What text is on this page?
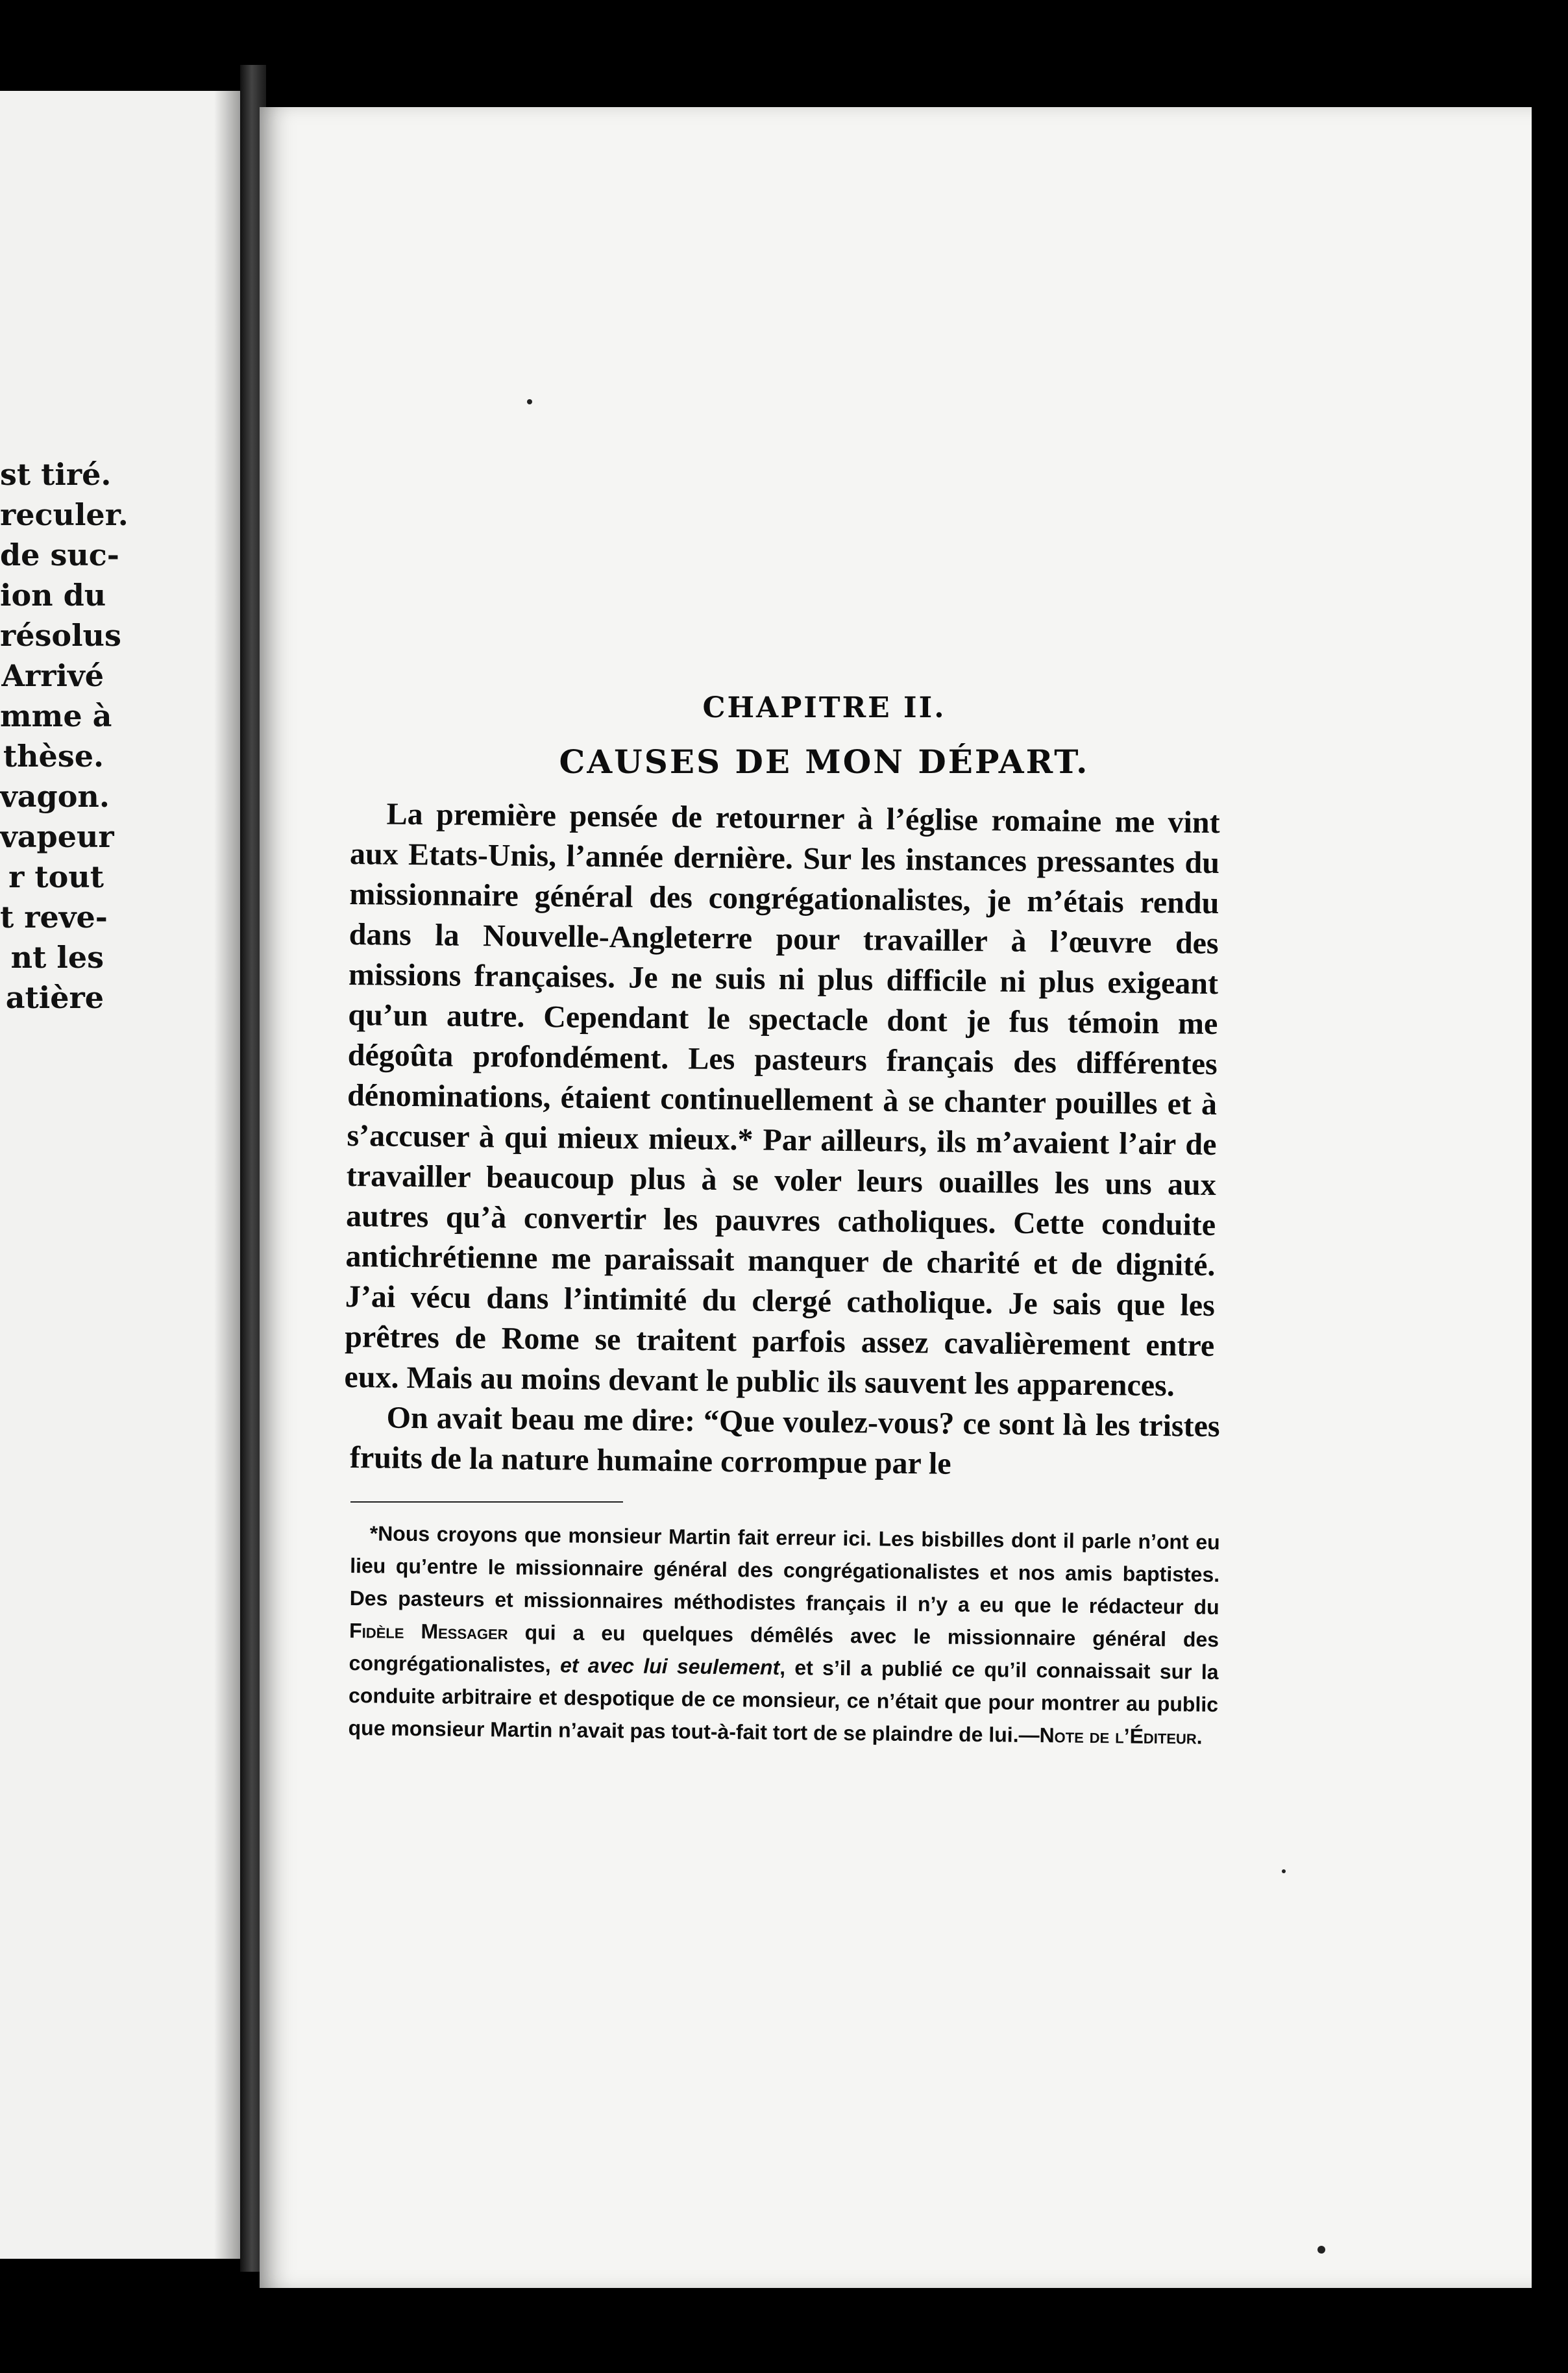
st tiré.
reculer.
de suc-
ion du
résolus
Arrivé
mme à
thèse.
vagon.
vapeur
r tout
t reve-
nt les
atière
CHAPITRE II.
CAUSES DE MON DÉPART.

La première pensée de retourner à l’église romaine me vint aux Etats-Unis, l’année dernière. Sur les instances pressantes du missionnaire général des congrégationalistes, je m’étais rendu dans la Nouvelle-Angleterre pour travailler à l’œuvre des missions françaises. Je ne suis ni plus difficile ni plus exigeant qu’un autre. Cependant le spectacle dont je fus témoin me dégoûta profondément. Les pasteurs français des différentes dénominations, étaient continuellement à se chanter pouilles et à s’accuser à qui mieux mieux.* Par ailleurs, ils m’avaient l’air de travailler beaucoup plus à se voler leurs ouailles les uns aux autres qu’à convertir les pauvres catholiques. Cette conduite antichrétienne me paraissait manquer de charité et de dignité. J’ai vécu dans l’intimité du clergé catholique. Je sais que les prêtres de Rome se traitent parfois assez cavalièrement entre eux. Mais au moins devant le public ils sauvent les apparences.

On avait beau me dire: “Que voulez-vous? ce sont là les tristes fruits de la nature humaine corrompue par le

*Nous croyons que monsieur Martin fait erreur ici. Les bisbilles dont il parle n’ont eu lieu qu’entre le missionnaire général des congrégationalistes et nos amis baptistes. Des pasteurs et missionnaires méthodistes français il n’y a eu que le rédacteur du Fidèle Messager qui a eu quelques démêlés avec le missionnaire général des congrégationalistes, et avec lui seulement, et s’il a publié ce qu’il connaissait sur la conduite arbitraire et despotique de ce monsieur, ce n’était que pour montrer au public que monsieur Martin n’avait pas tout-à-fait tort de se plaindre de lui.—Note de l’Éditeur.
